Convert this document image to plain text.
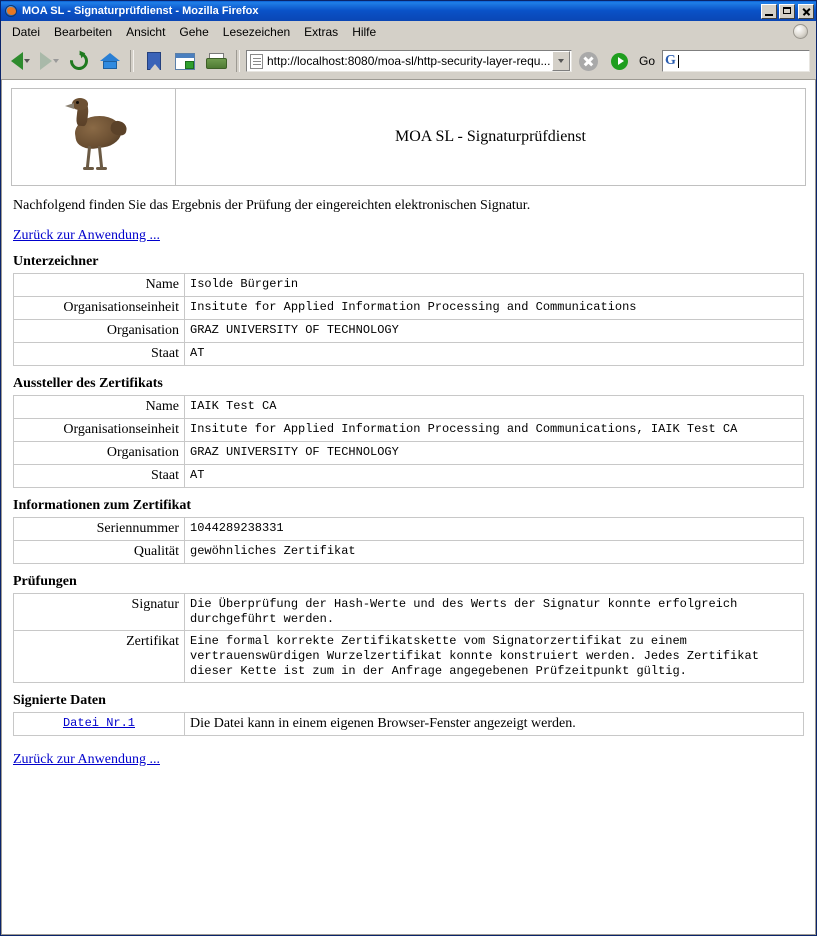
MOA SL - Signaturprüfdienst - Mozilla Firefox
Datei	Bearbeiten	Ansicht	Gehe	Lesezeichen	Extras	Hilfe
http://localhost:8080/moa-sl/http-security-layer-requ...	Go G
	MOA SL - Signaturprüfdienst

Nachfolgend finden Sie das Ergebnis der Prüfung der eingereichten elektronischen Signatur.

Zurück zur Anwendung ...
Unterzeichner
Name	Isolde Bürgerin
Organisationseinheit	Insitute for Applied Information Processing and Communications
Organisation	GRAZ UNIVERSITY OF TECHNOLOGY
Staat	AT
Aussteller des Zertifikats
Name	IAIK Test CA
Organisationseinheit	Insitute for Applied Information Processing and Communications, IAIK Test CA
Organisation	GRAZ UNIVERSITY OF TECHNOLOGY
Staat	AT
Informationen zum Zertifikat
Seriennummer	1044289238331
Qualität	gewöhnliches Zertifikat
Prüfungen
Signatur	Die Überprüfung der Hash-Werte und des Werts der Signatur konnte erfolgreich durchgeführt werden.
Zertifikat	Eine formal korrekte Zertifikatskette vom Signatorzertifikat zu einem vertrauenswürdigen Wurzelzertifikat konnte konstruiert werden. Jedes Zertifikat dieser Kette ist zum in der Anfrage angegebenen Prüfzeitpunkt gültig.
Signierte Daten
Datei Nr.1	Die Datei kann in einem eigenen Browser-Fenster angezeigt werden.
Zurück zur Anwendung ...
